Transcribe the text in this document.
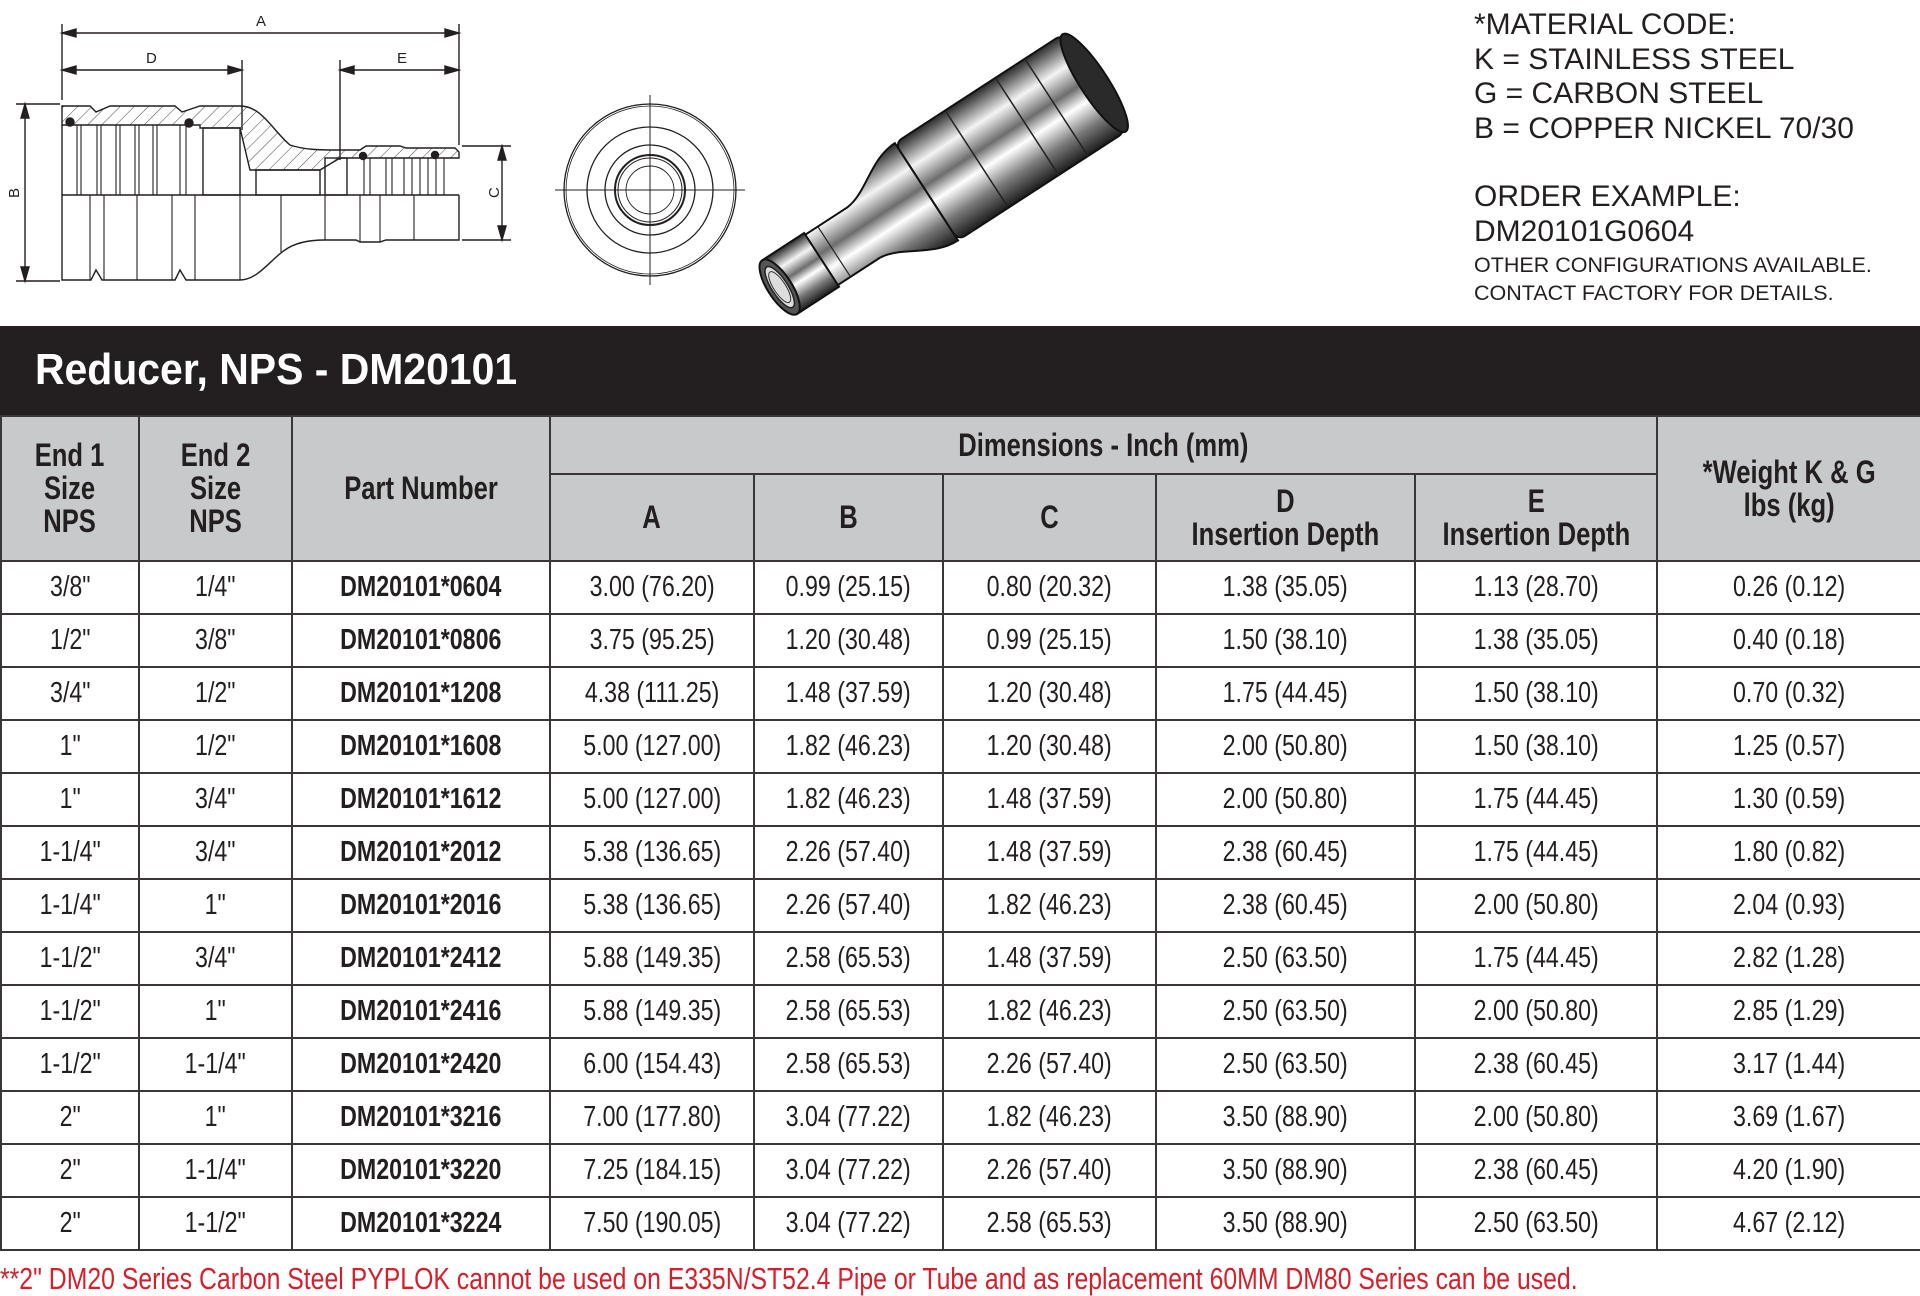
A
D	E
B	C
*MATERIAL CODE:
K = STAINLESS STEEL
G = CARBON STEEL
B = COPPER NICKEL 70/30
ORDER EXAMPLE:
DM20101G0604
OTHER CONFIGURATIONS AVAILABLE.
CONTACT FACTORY FOR DETAILS.
Reducer, NPS - DM20101
End 1
Size
NPS	End 2
Size
NPS	Part Number	Dimensions - Inch (mm)					*Weight K & G
lbs (kg)
			A	B	C	D
Insertion Depth	E
Insertion Depth	
3/8"	1/4"	DM20101*0604	3.00 (76.20)	0.99 (25.15)	0.80 (20.32)	1.38 (35.05)	1.13 (28.70)	0.26 (0.12)
1/2"	3/8"	DM20101*0806	3.75 (95.25)	1.20 (30.48)	0.99 (25.15)	1.50 (38.10)	1.38 (35.05)	0.40 (0.18)
3/4"	1/2"	DM20101*1208	4.38 (111.25)	1.48 (37.59)	1.20 (30.48)	1.75 (44.45)	1.50 (38.10)	0.70 (0.32)
1"	1/2"	DM20101*1608	5.00 (127.00)	1.82 (46.23)	1.20 (30.48)	2.00 (50.80)	1.50 (38.10)	1.25 (0.57)
1"	3/4"	DM20101*1612	5.00 (127.00)	1.82 (46.23)	1.48 (37.59)	2.00 (50.80)	1.75 (44.45)	1.30 (0.59)
1-1/4"	3/4"	DM20101*2012	5.38 (136.65)	2.26 (57.40)	1.48 (37.59)	2.38 (60.45)	1.75 (44.45)	1.80 (0.82)
1-1/4"	1"	DM20101*2016	5.38 (136.65)	2.26 (57.40)	1.82 (46.23)	2.38 (60.45)	2.00 (50.80)	2.04 (0.93)
1-1/2"	3/4"	DM20101*2412	5.88 (149.35)	2.58 (65.53)	1.48 (37.59)	2.50 (63.50)	1.75 (44.45)	2.82 (1.28)
1-1/2"	1"	DM20101*2416	5.88 (149.35)	2.58 (65.53)	1.82 (46.23)	2.50 (63.50)	2.00 (50.80)	2.85 (1.29)
1-1/2"	1-1/4"	DM20101*2420	6.00 (154.43)	2.58 (65.53)	2.26 (57.40)	2.50 (63.50)	2.38 (60.45)	3.17 (1.44)
2"	1"	DM20101*3216	7.00 (177.80)	3.04 (77.22)	1.82 (46.23)	3.50 (88.90)	2.00 (50.80)	3.69 (1.67)
2"	1-1/4"	DM20101*3220	7.25 (184.15)	3.04 (77.22)	2.26 (57.40)	3.50 (88.90)	2.38 (60.45)	4.20 (1.90)
2"	1-1/2"	DM20101*3224	7.50 (190.05)	3.04 (77.22)	2.58 (65.53)	3.50 (88.90)	2.50 (63.50)	4.67 (2.12)
**2" DM20 Series Carbon Steel PYPLOK cannot be used on E335N/ST52.4 Pipe or Tube and as replacement 60MM DM80 Series can be used.
